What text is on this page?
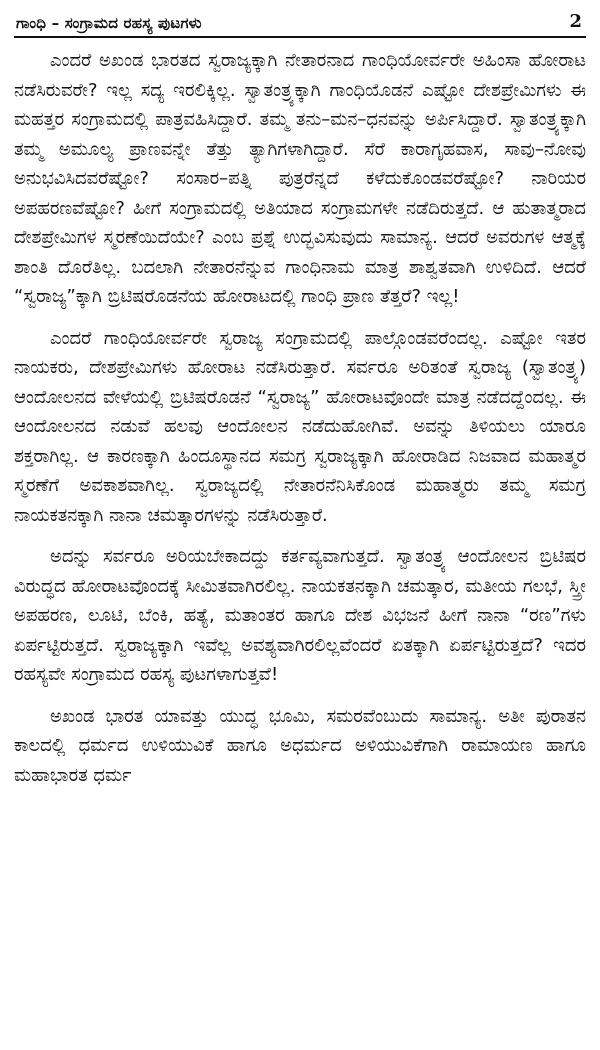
ಗಾಂಧಿ – ಸಂಗ್ರಾಮದ ರಹಸ್ಯ ಪುಟಗಳು	2

ಎಂದರೆ ಅಖಂಡ ಭಾರತದ ಸ್ವರಾಜ್ಯಕ್ಕಾಗಿ ನೇತಾರನಾದ ಗಾಂಧಿಯೋರ್ವರೇ ಅಹಿಂಸಾ ಹೋರಾಟ ನಡೆಸಿರುವರೇ? ಇಲ್ಲ ಸದ್ಯ ಇರಲಿಕ್ಕಿಲ್ಲ. ಸ್ವಾತಂತ್ರ್ಯಕ್ಕಾಗಿ ಗಾಂಧಿಯೊಡನೆ ಎಷ್ಟೋ ದೇಶಪ್ರೇಮಿಗಳು ಈ ಮಹತ್ತರ ಸಂಗ್ರಾಮದಲ್ಲಿ ಪಾತ್ರವಹಿಸಿದ್ದಾರೆ. ತಮ್ಮ ತನು–ಮನ–ಧನವನ್ನು ಅರ್ಪಿಸಿದ್ದಾರೆ. ಸ್ವಾತಂತ್ರ್ಯಕ್ಕಾಗಿ ತಮ್ಮ ಅಮೂಲ್ಯ ಪ್ರಾಣವನ್ನೇ ತೆತ್ತು ತ್ಯಾಗಿಗಳಾಗಿದ್ದಾರೆ. ಸೆರೆ ಕಾರಾಗೃಹವಾಸ, ಸಾವು–ನೋವು ಅನುಭವಿಸಿದವರೆಷ್ಟೋ? ಸಂಸಾರ–ಪತ್ನಿ ಪುತ್ರರೆನ್ನದೆ ಕಳೆದುಕೊಂಡವರೆಷ್ಟೋ? ನಾರಿಯರ ಅಪಹರಣವೆಷ್ಟೋ? ಹೀಗೆ ಸಂಗ್ರಾಮದಲ್ಲಿ ಅತಿಯಾದ ಸಂಗ್ರಾಮಗಳೇ ನಡೆದಿರುತ್ತದೆ. ಆ ಹುತಾತ್ಮರಾದ ದೇಶಪ್ರೇಮಿಗಳ ಸ್ಮರಣೆಯಿದೆಯೇ? ಎಂಬ ಪ್ರಶ್ನೆ ಉದ್ಭವಿಸುವುದು ಸಾಮಾನ್ಯ. ಆದರೆ ಅವರುಗಳ ಆತ್ಮಕ್ಕೆ ಶಾಂತಿ ದೊರೆತಿಲ್ಲ. ಬದಲಾಗಿ ನೇತಾರನೆನ್ನುವ ಗಾಂಧಿನಾಮ ಮಾತ್ರ ಶಾಶ್ವತವಾಗಿ ಉಳಿದಿದೆ. ಆದರೆ “ಸ್ವರಾಜ್ಯ”ಕ್ಕಾಗಿ ಬ್ರಿಟಿಷರೊಡನೆಯ ಹೋರಾಟದಲ್ಲಿ ಗಾಂಧಿ ಪ್ರಾಣ ತೆತ್ತರೆ? ಇಲ್ಲ!

ಎಂದರೆ ಗಾಂಧಿಯೋರ್ವರೇ ಸ್ವರಾಜ್ಯ ಸಂಗ್ರಾಮದಲ್ಲಿ ಪಾಲ್ಗೊಂಡವರೆಂದಲ್ಲ. ಎಷ್ಟೋ ಇತರ ನಾಯಕರು, ದೇಶಪ್ರೇಮಿಗಳು ಹೋರಾಟ ನಡೆಸಿರುತ್ತಾರೆ. ಸರ್ವರೂ ಅರಿತಂತೆ ಸ್ವರಾಜ್ಯ (ಸ್ವಾತಂತ್ರ್ಯ) ಆಂದೋಲನದ ವೇಳೆಯಲ್ಲಿ ಬ್ರಿಟಿಷರೊಡನೆ “ಸ್ವರಾಜ್ಯ” ಹೋರಾಟವೊಂದೇ ಮಾತ್ರ ನಡೆದದ್ದೆಂದಲ್ಲ. ಈ ಆಂದೋಲನದ ನಡುವೆ ಹಲವು ಆಂದೋಲನ ನಡೆದುಹೋಗಿವೆ. ಅವನ್ನು ತಿಳಿಯಲು ಯಾರೂ ಶಕ್ತರಾಗಿಲ್ಲ. ಆ ಕಾರಣಕ್ಕಾಗಿ ಹಿಂದೂಸ್ಥಾನದ ಸಮಗ್ರ ಸ್ವರಾಜ್ಯಕ್ಕಾಗಿ ಹೋರಾಡಿದ ನಿಜವಾದ ಮಹಾತ್ಮರ ಸ್ಮರಣೆಗೆ ಅವಕಾಶವಾಗಿಲ್ಲ. ಸ್ವರಾಜ್ಯದಲ್ಲಿ ನೇತಾರನೆನಿಸಿಕೊಂಡ ಮಹಾತ್ಮರು ತಮ್ಮ ಸಮಗ್ರ ನಾಯಕತನಕ್ಕಾಗಿ ನಾನಾ ಚಮತ್ಕಾರಗಳನ್ನು ನಡೆಸಿರುತ್ತಾರೆ.

ಅದನ್ನು ಸರ್ವರೂ ಅರಿಯಬೇಕಾದದ್ದು ಕರ್ತವ್ಯವಾಗುತ್ತದೆ. ಸ್ವಾತಂತ್ರ್ಯ ಆಂದೋಲನ ಬ್ರಿಟಿಷರ ವಿರುದ್ಧದ ಹೋರಾಟವೊಂದಕ್ಕೆ ಸೀಮಿತವಾಗಿರಲಿಲ್ಲ. ನಾಯಕತನಕ್ಕಾಗಿ ಚಮತ್ಕಾರ, ಮತೀಯ ಗಲಭೆ, ಸ್ತ್ರೀ ಅಪಹರಣ, ಲೂಟಿ, ಬೆಂಕಿ, ಹತ್ಯೆ, ಮತಾಂತರ ಹಾಗೂ ದೇಶ ವಿಭಜನೆ ಹೀಗೆ ನಾನಾ “ರಣ”ಗಳು ಏರ್ಪಟ್ಟಿರುತ್ತದೆ. ಸ್ವರಾಜ್ಯಕ್ಕಾಗಿ ಇವೆಲ್ಲ ಅವಶ್ಯವಾಗಿರಲಿಲ್ಲವೆಂದರೆ ಏತಕ್ಕಾಗಿ ಏರ್ಪಟ್ಟಿರುತ್ತದೆ? ಇದರ ರಹಸ್ಯವೇ ಸಂಗ್ರಾಮದ ರಹಸ್ಯ ಪುಟಗಳಾಗುತ್ತವೆ!

ಅಖಂಡ ಭಾರತ ಯಾವತ್ತು ಯುದ್ಧ ಭೂಮಿ, ಸಮರವೆಂಬುದು ಸಾಮಾನ್ಯ. ಅತೀ ಪುರಾತನ ಕಾಲದಲ್ಲಿ ಧರ್ಮದ ಉಳಿಯುವಿಕೆ ಹಾಗೂ ಅಧರ್ಮದ ಅಳಿಯುವಿಕೆಗಾಗಿ ರಾಮಾಯಣ ಹಾಗೂ ಮಹಾಭಾರತ ಧರ್ಮ
